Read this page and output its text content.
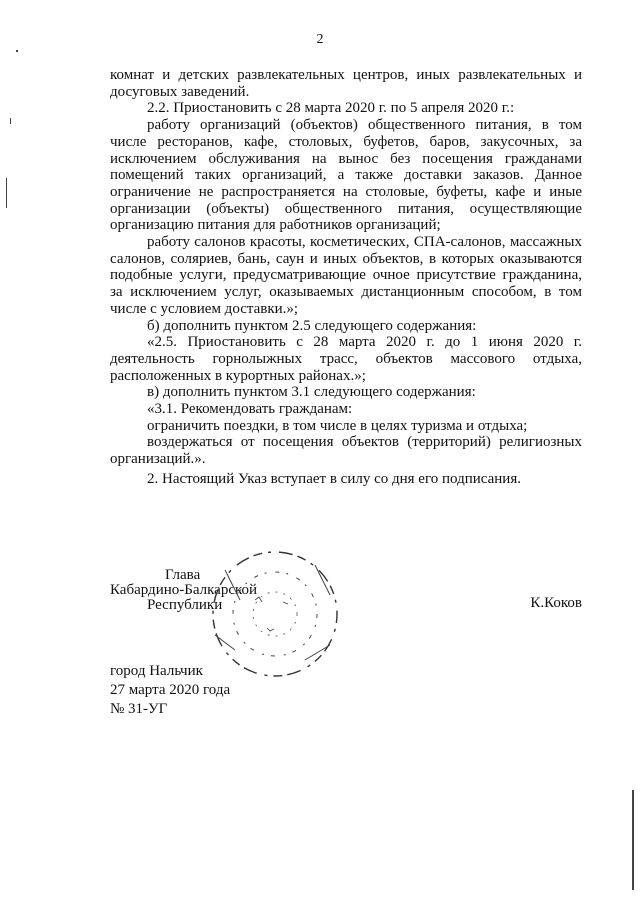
2

комнат и детских развлекательных центров, иных развлекательных и досуговых заведений.

2.2. Приостановить с 28 марта 2020 г. по 5 апреля 2020 г.:

работу организаций (объектов) общественного питания, в том числе ресторанов, кафе, столовых, буфетов, баров, закусочных, за исключением обслуживания на вынос без посещения гражданами помещений таких организаций, а также доставки заказов. Данное ограничение не распространяется на столовые, буфеты, кафе и иные организации (объекты) общественного питания, осуществляющие организацию питания для работников организаций;

работу салонов красоты, косметических, СПА-салонов, массажных салонов, соляриев, бань, саун и иных объектов, в которых оказываются подобные услуги, предусматривающие очное присутствие гражданина, за исключением услуг, оказываемых дистанционным способом, в том числе с условием доставки.»;

б) дополнить пунктом 2.5 следующего содержания:

«2.5. Приостановить с 28 марта 2020 г. до 1 июня 2020 г. деятельность горнолыжных трасс, объектов массового отдыха, расположенных в курортных районах.»;

в) дополнить пунктом 3.1 следующего содержания:

«3.1. Рекомендовать гражданам:

ограничить поездки, в том числе в целях туризма и отдыха;

воздержаться от посещения объектов (территорий) религиозных организаций.».

2. Настоящий Указ вступает в силу со дня его подписания.

Глава
Кабардино-Балкарской
Республики	К.Коков
город Нальчик
27 марта 2020 года
№ 31-УГ
